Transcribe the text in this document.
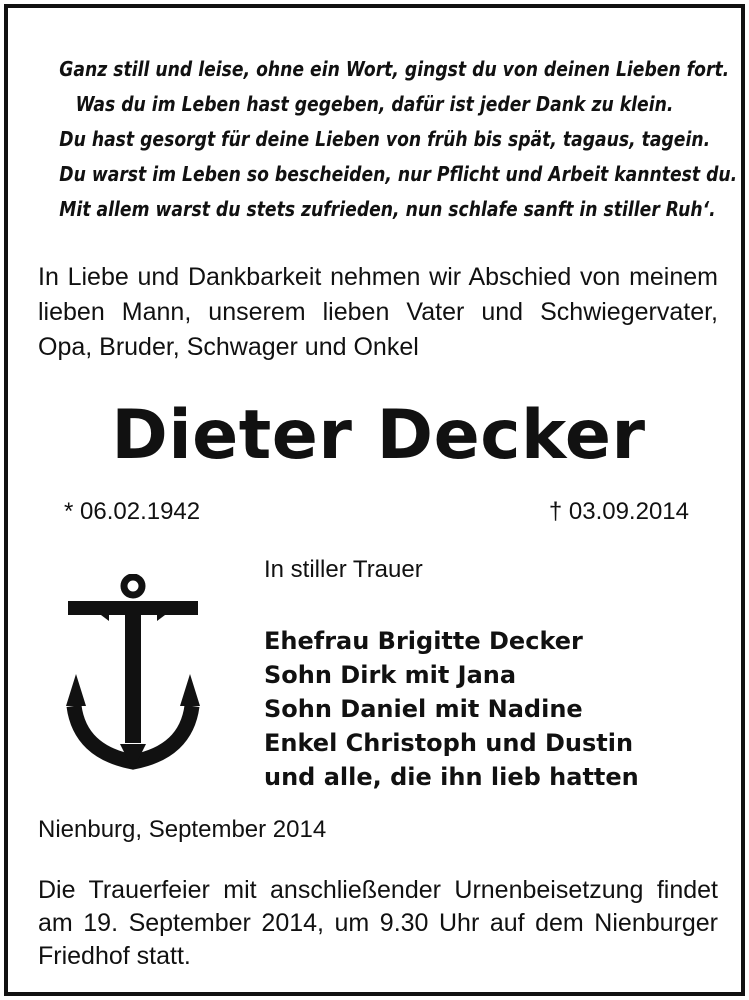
Ganz still und leise, ohne ein Wort, gingst du von deinen Lieben fort.
Was du im Leben hast gegeben, dafür ist jeder Dank zu klein.
Du hast gesorgt für deine Lieben von früh bis spät, tagaus, tagein.
Du warst im Leben so bescheiden, nur Pflicht und Arbeit kanntest du.
Mit allem warst du stets zufrieden, nun schlafe sanft in stiller Ruh‘.
In Liebe und Dankbarkeit nehmen wir Abschied von meinem lieben Mann, unserem lieben Vater und Schwiegervater, Opa, Bruder, Schwager und Onkel
Dieter Decker
* 06.02.1942	† 03.09.2014
In stiller Trauer
Ehefrau Brigitte Decker
Sohn Dirk mit Jana
Sohn Daniel mit Nadine
Enkel Christoph und Dustin
und alle, die ihn lieb hatten
Nienburg, September 2014
Die Trauerfeier mit anschließender Urnenbeisetzung findet am 19. September 2014, um 9.30 Uhr auf dem Nienburger Friedhof statt.
